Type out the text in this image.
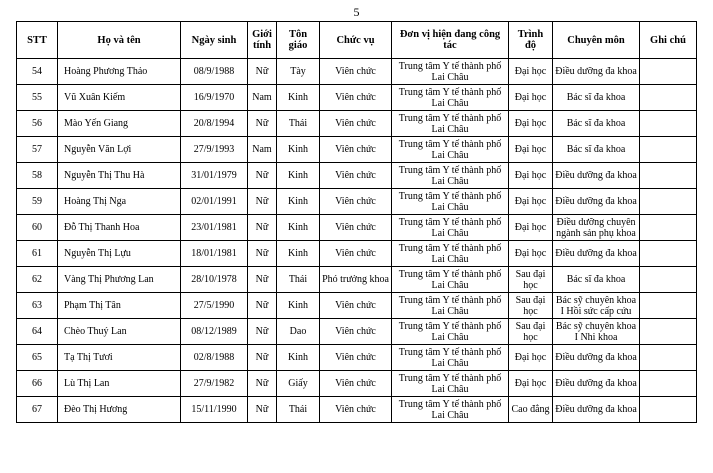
5
STT	Họ và tên	Ngày sinh	Giới tính	Tôn giáo	Chức vụ	Đơn vị hiện đang công tác	Trình độ	Chuyên môn	Ghi chú
54	Hoàng Phương Thảo	08/9/1988	Nữ	Tày	Viên chức	Trung tâm Y tế thành phố Lai Châu	Đại học	Điều dưỡng đa khoa	
55	Vũ Xuân Kiếm	16/9/1970	Nam	Kinh	Viên chức	Trung tâm Y tế thành phố Lai Châu	Đại học	Bác sĩ đa khoa	
56	Mào Yến Giang	20/8/1994	Nữ	Thái	Viên chức	Trung tâm Y tế thành phố Lai Châu	Đại học	Bác sĩ đa khoa	
57	Nguyễn Văn Lợi	27/9/1993	Nam	Kinh	Viên chức	Trung tâm Y tế thành phố Lai Châu	Đại học	Bác sĩ đa khoa	
58	Nguyễn Thị Thu Hà	31/01/1979	Nữ	Kinh	Viên chức	Trung tâm Y tế thành phố Lai Châu	Đại học	Điều dưỡng đa khoa	
59	Hoàng Thị Nga	02/01/1991	Nữ	Kinh	Viên chức	Trung tâm Y tế thành phố Lai Châu	Đại học	Điều dưỡng đa khoa	
60	Đỗ Thị Thanh Hoa	23/01/1981	Nữ	Kinh	Viên chức	Trung tâm Y tế thành phố Lai Châu	Đại học	Điều dưỡng chuyên ngành sản phụ khoa	
61	Nguyễn Thị Lựu	18/01/1981	Nữ	Kinh	Viên chức	Trung tâm Y tế thành phố Lai Châu	Đại học	Điều dưỡng đa khoa	
62	Vàng Thị Phương Lan	28/10/1978	Nữ	Thái	Phó trưởng khoa	Trung tâm Y tế thành phố Lai Châu	Sau đại học	Bác sĩ đa khoa	
63	Phạm Thị Tân	27/5/1990	Nữ	Kinh	Viên chức	Trung tâm Y tế thành phố Lai Châu	Sau đại học	Bác sỹ chuyên khoa I Hồi sức cấp cứu	
64	Chèo Thuý Lan	08/12/1989	Nữ	Dao	Viên chức	Trung tâm Y tế thành phố Lai Châu	Sau đại học	Bác sỹ chuyên khoa I Nhi khoa	
65	Tạ Thị Tươi	02/8/1988	Nữ	Kinh	Viên chức	Trung tâm Y tế thành phố Lai Châu	Đại học	Điều dưỡng đa khoa	
66	Lù Thị Lan	27/9/1982	Nữ	Giấy	Viên chức	Trung tâm Y tế thành phố Lai Châu	Đại học	Điều dưỡng đa khoa	
67	Đèo Thị Hương	15/11/1990	Nữ	Thái	Viên chức	Trung tâm Y tế thành phố Lai Châu	Cao đẳng	Điều dưỡng đa khoa	
